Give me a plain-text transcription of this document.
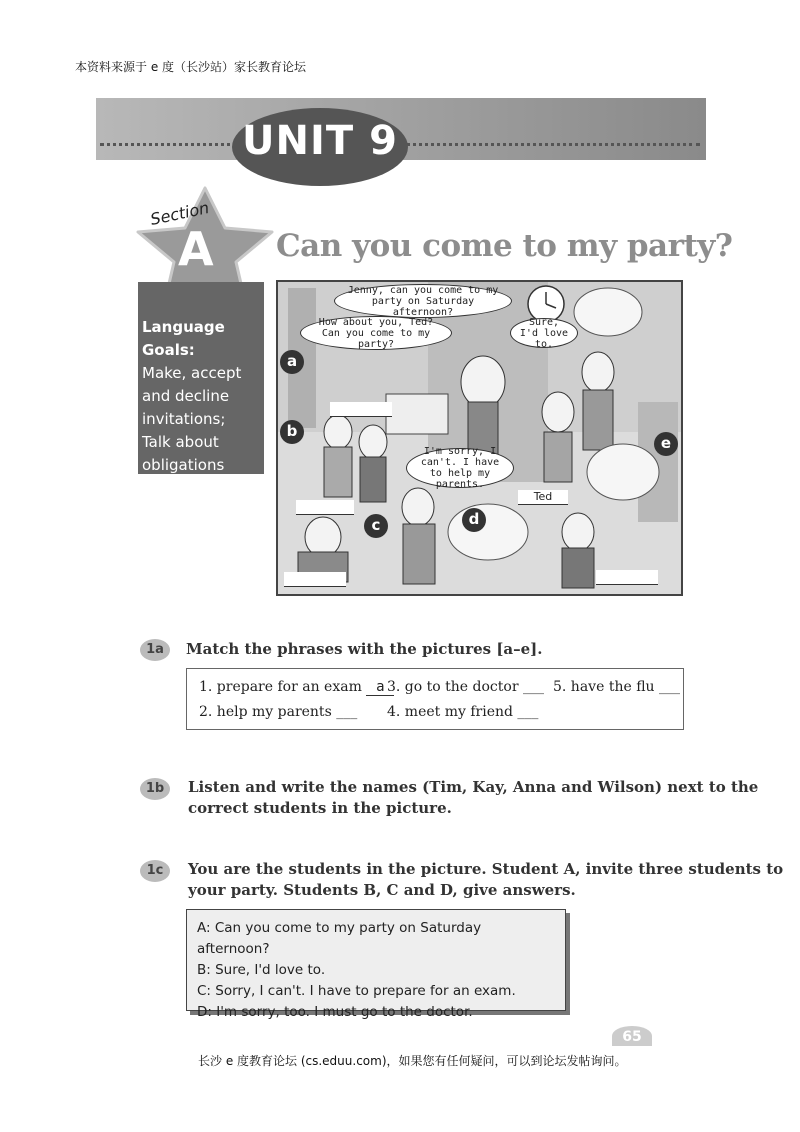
本资料来源于 e 度（长沙站）家长教育论坛
UNIT 9
Section
A Can you come to my party?
Language Goals:
Make, accept
and decline
invitations;
Talk about
obligations
Jenny, can you come to my party on Saturday afternoon?
How about you, Ted? Can you come to my party?
Sure, I'd love to.
I'm sorry, I can't. I have to help my parents.
a
b
c	d
e
Ted
1a	Match the phrases with the pictures [a–e].
1. prepare for an exam a 3. go to the doctor ___ 5. have the flu ___
2. help my parents ___ 4. meet my friend ___
1b	Listen and write the names (Tim, Kay, Anna and Wilson) next to the
correct students in the picture.
1c	You are the students in the picture. Student A, invite three students to
your party. Students B, C and D, give answers.
A: Can you come to my party on Saturday afternoon?
B: Sure, I'd love to.
C: Sorry, I can't. I have to prepare for an exam.
D: I'm sorry, too. I must go to the doctor.
65
长沙 e 度教育论坛 (cs.eduu.com)，如果您有任何疑问，可以到论坛发帖询问。
